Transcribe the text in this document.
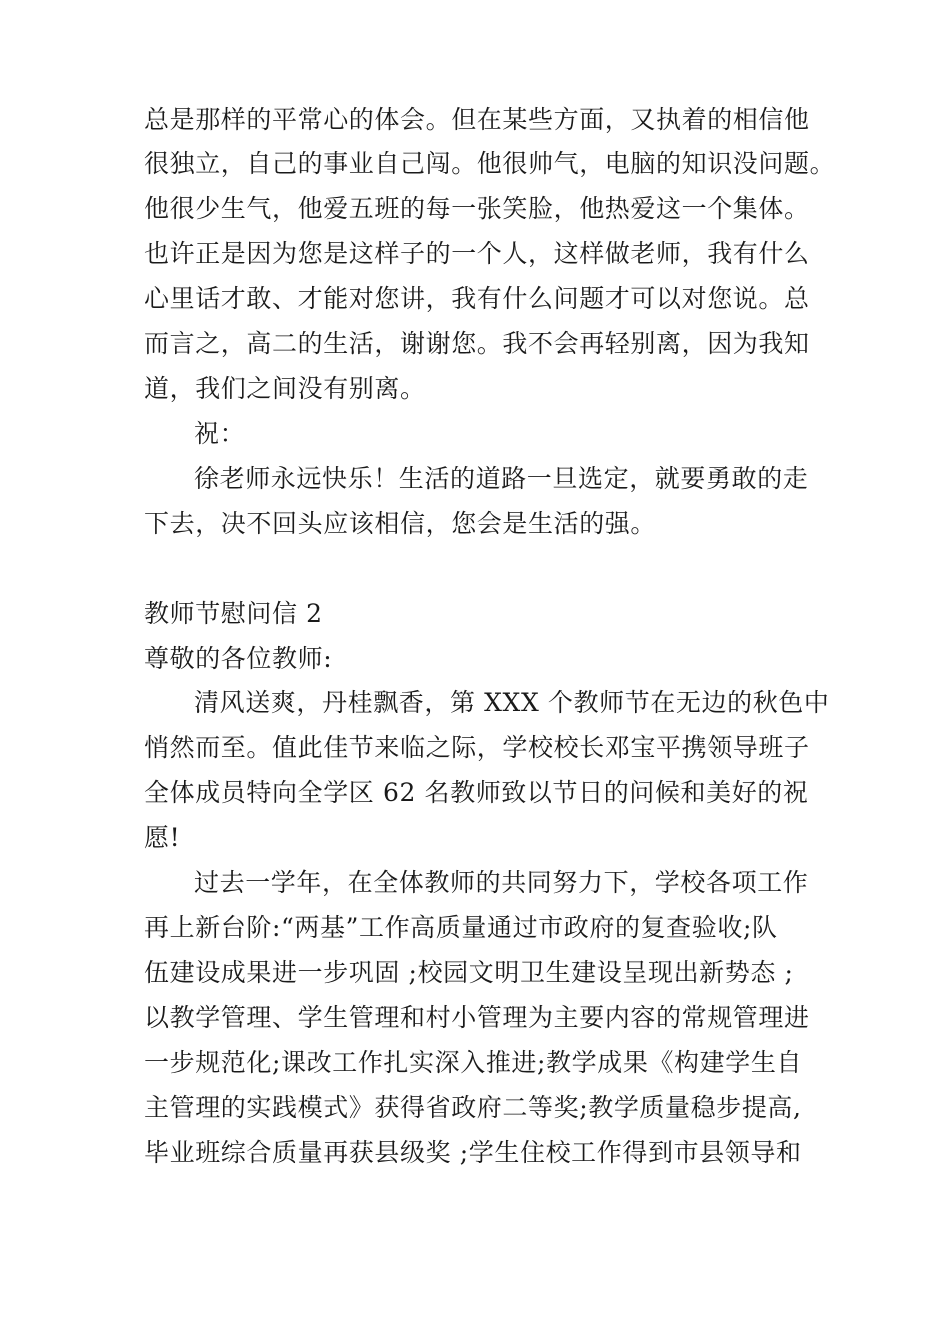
总是那样的平常心的体会。但在某些方面，又执着的相信他
很独立，自己的事业自己闯。他很帅气，电脑的知识没问题。
他很少生气，他爱五班的每一张笑脸，他热爱这一个集体。
也许正是因为您是这样子的一个人，这样做老师，我有什么
心里话才敢、才能对您讲，我有什么问题才可以对您说。总
而言之，高二的生活，谢谢您。我不会再轻别离，因为我知
道，我们之间没有别离。
祝：
徐老师永远快乐！生活的道路一旦选定，就要勇敢的走
下去，决不回头应该相信，您会是生活的强。
教师节慰问信 2
尊敬的各位教师:
清风送爽，丹桂飘香，第 XXX 个教师节在无边的秋色中
悄然而至。值此佳节来临之际，学校校长邓宝平携领导班子
全体成员特向全学区 62 名教师致以节日的问候和美好的祝
愿!
过去一学年，在全体教师的共同努力下，学校各项工作
再上新台阶:“两基”工作高质量通过市政府的复查验收;队
伍建设成果进一步巩固 ;校园文明卫生建设呈现出新势态 ;
以教学管理、学生管理和村小管理为主要内容的常规管理进
一步规范化;课改工作扎实深入推进;教学成果《构建学生自
主管理的实践模式》获得省政府二等奖;教学质量稳步提高,
毕业班综合质量再获县级奖 ;学生住校工作得到市县领导和
